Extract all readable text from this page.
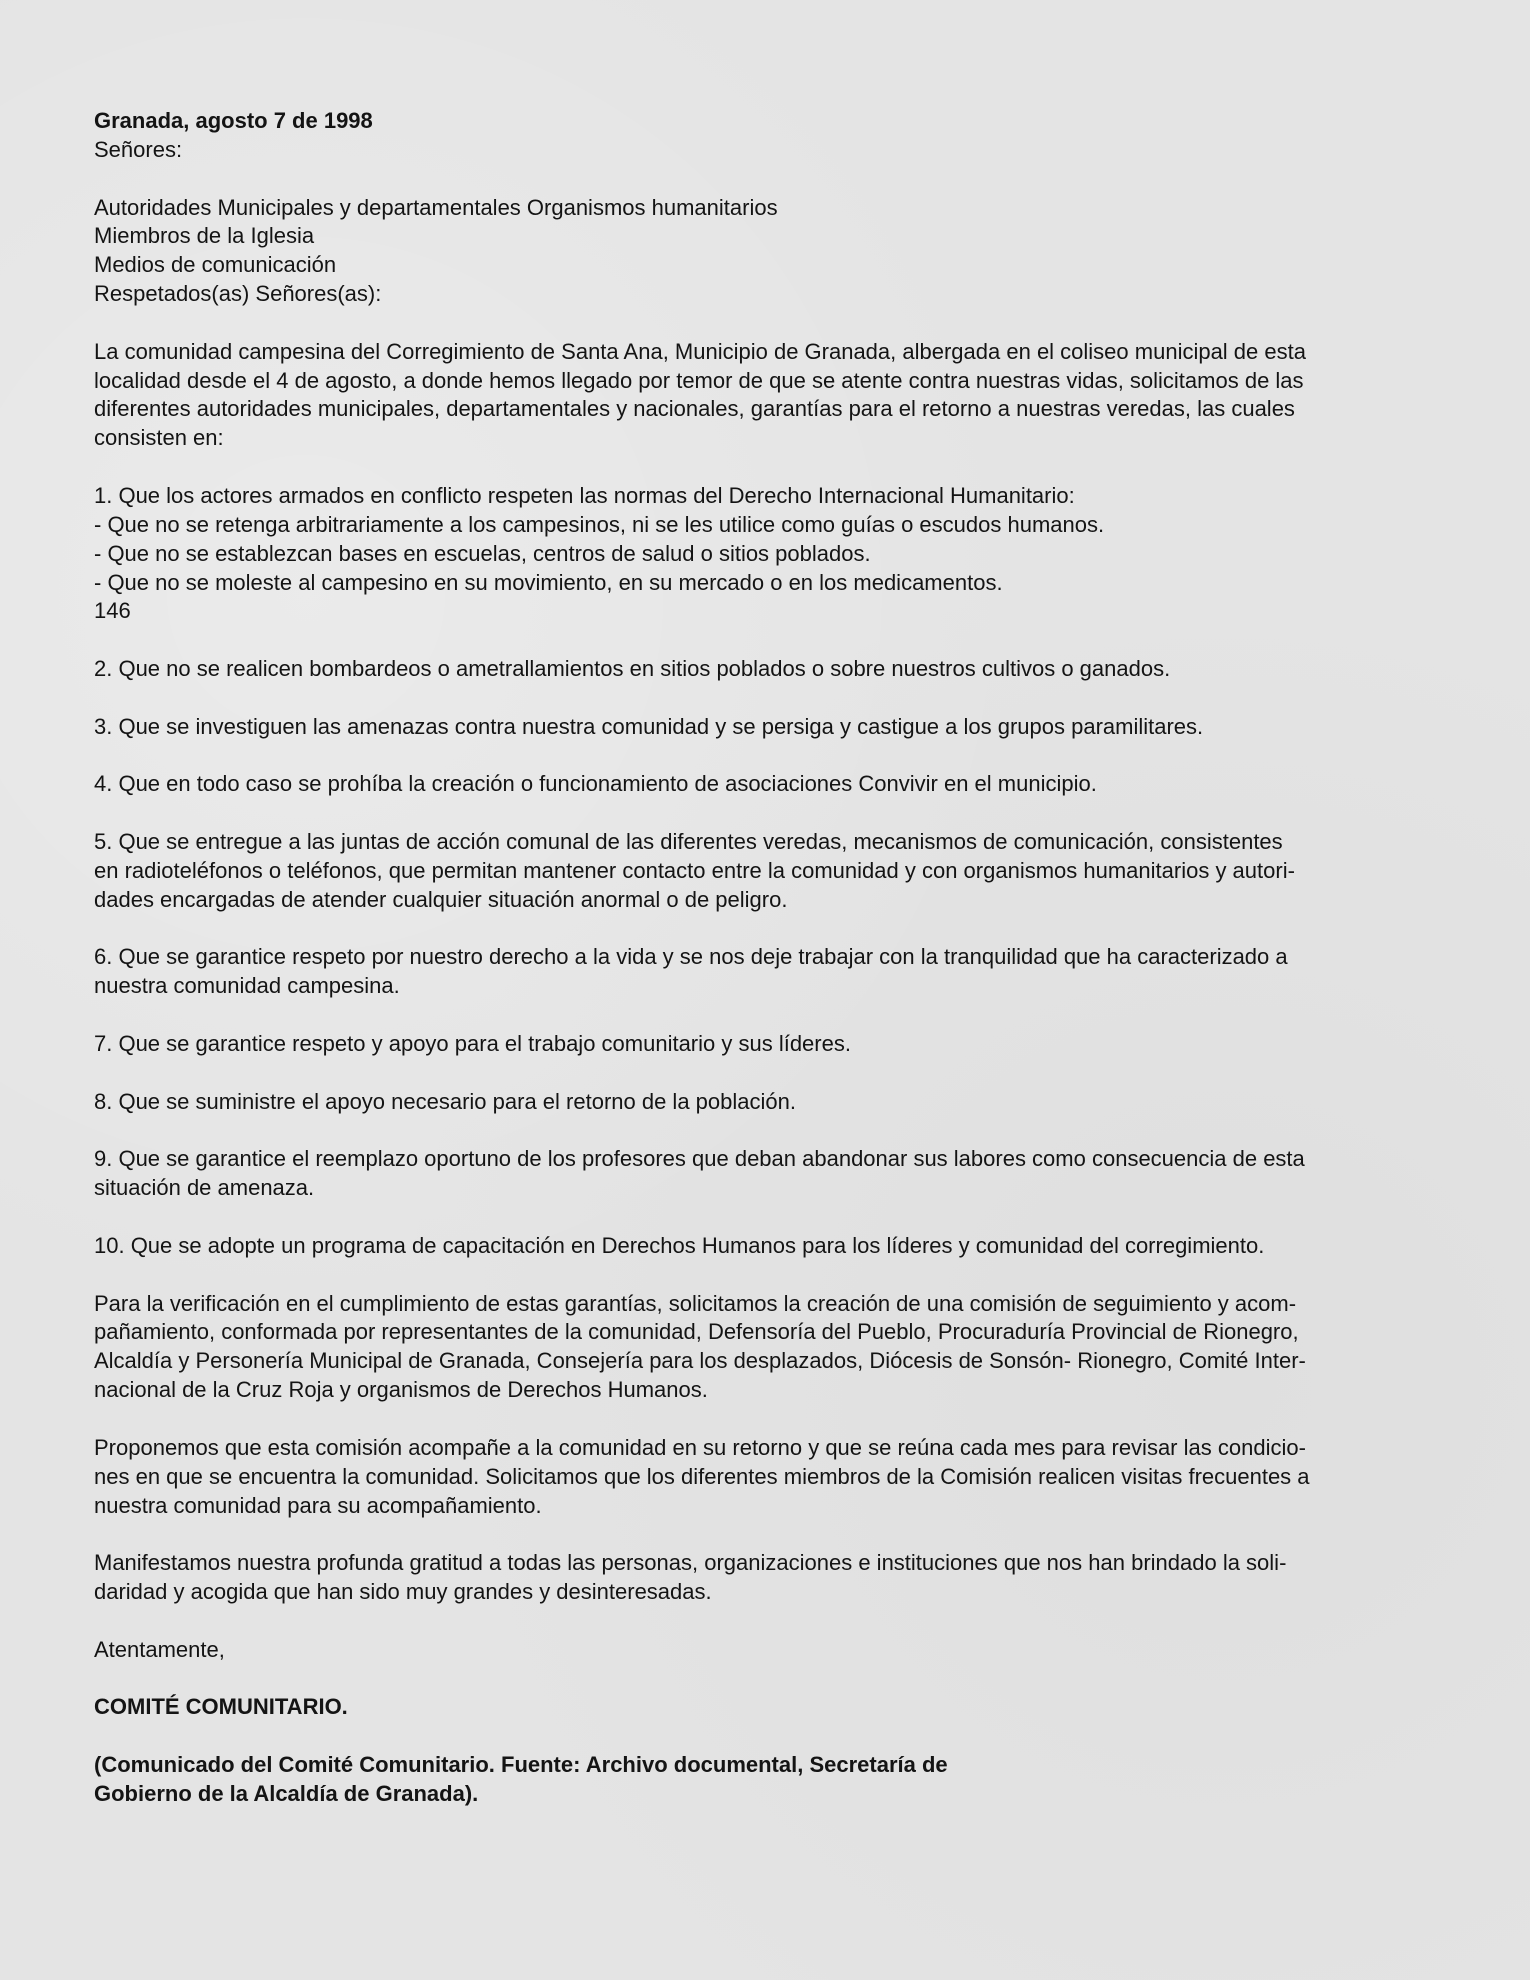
Granada, agosto 7 de 1998
Señores:
Autoridades Municipales y departamentales Organismos humanitarios
Miembros de la Iglesia
Medios de comunicación
Respetados(as) Señores(as):
La comunidad campesina del Corregimiento de Santa Ana, Municipio de Granada, albergada en el coliseo municipal de esta
localidad desde el 4 de agosto, a donde hemos llegado por temor de que se atente contra nuestras vidas, solicitamos de las
diferentes autoridades municipales, departamentales y nacionales, garantías para el retorno a nuestras veredas, las cuales
consisten en:
1. Que los actores armados en conflicto respeten las normas del Derecho Internacional Humanitario:
- Que no se retenga arbitrariamente a los campesinos, ni se les utilice como guías o escudos humanos.
- Que no se establezcan bases en escuelas, centros de salud o sitios poblados.
- Que no se moleste al campesino en su movimiento, en su mercado o en los medicamentos.
146
2. Que no se realicen bombardeos o ametrallamientos en sitios poblados o sobre nuestros cultivos o ganados.
3. Que se investiguen las amenazas contra nuestra comunidad y se persiga y castigue a los grupos paramilitares.
4. Que en todo caso se prohíba la creación o funcionamiento de asociaciones Convivir en el municipio.
5. Que se entregue a las juntas de acción comunal de las diferentes veredas, mecanismos de comunicación, consistentes
en radioteléfonos o teléfonos, que permitan mantener contacto entre la comunidad y con organismos humanitarios y autori-
dades encargadas de atender cualquier situación anormal o de peligro.
6. Que se garantice respeto por nuestro derecho a la vida y se nos deje trabajar con la tranquilidad que ha caracterizado a
nuestra comunidad campesina.
7. Que se garantice respeto y apoyo para el trabajo comunitario y sus líderes.
8. Que se suministre el apoyo necesario para el retorno de la población.
9. Que se garantice el reemplazo oportuno de los profesores que deban abandonar sus labores como consecuencia de esta
situación de amenaza.
10. Que se adopte un programa de capacitación en Derechos Humanos para los líderes y comunidad del corregimiento.
Para la verificación en el cumplimiento de estas garantías, solicitamos la creación de una comisión de seguimiento y acom-
pañamiento, conformada por representantes de la comunidad, Defensoría del Pueblo, Procuraduría Provincial de Rionegro,
Alcaldía y Personería Municipal de Granada, Consejería para los desplazados, Diócesis de Sonsón- Rionegro, Comité Inter-
nacional de la Cruz Roja y organismos de Derechos Humanos.
Proponemos que esta comisión acompañe a la comunidad en su retorno y que se reúna cada mes para revisar las condicio-
nes en que se encuentra la comunidad. Solicitamos que los diferentes miembros de la Comisión realicen visitas frecuentes a
nuestra comunidad para su acompañamiento.
Manifestamos nuestra profunda gratitud a todas las personas, organizaciones e instituciones que nos han brindado la soli-
daridad y acogida que han sido muy grandes y desinteresadas.
Atentamente,
COMITÉ COMUNITARIO.
(Comunicado del Comité Comunitario. Fuente: Archivo documental, Secretaría de
Gobierno de la Alcaldía de Granada).
